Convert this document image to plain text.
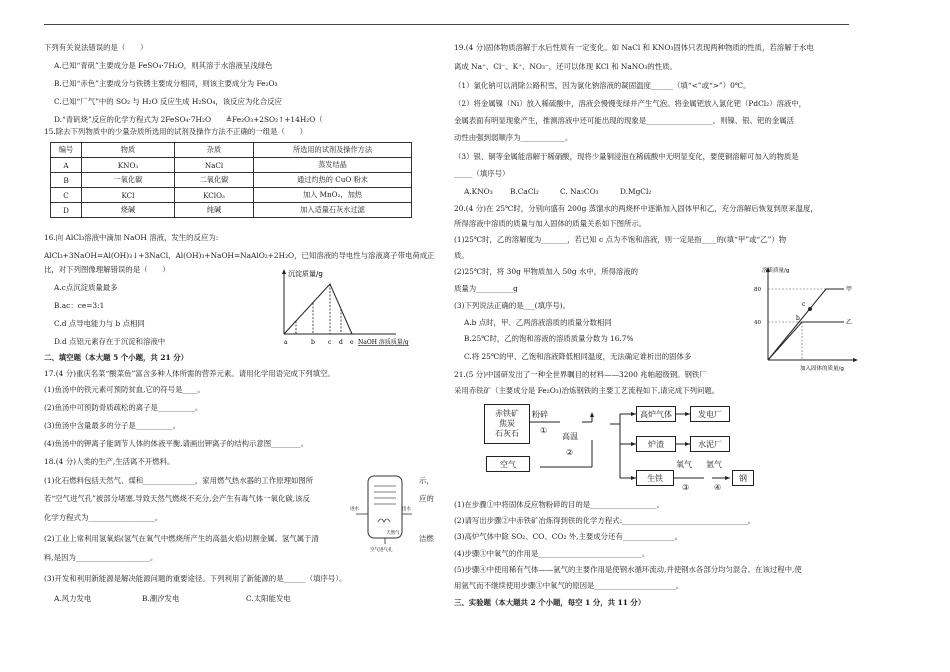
下列有关说法错误的是（　　）
A.已知“青矾”主要成分是 FeSO₄·7H₂O，则其溶于水溶液呈浅绿色
B.已知“赤色”主要成分与铁锈主要成分相同，则该主要成分为 Fe₂O₃
C.已知“厂气”中的 SO₂ 与 H₂O 反应生成 H₂SO₄，该反应为化合反应
D.“青矾烧”反应的化学方程式为 2FeSO₄·7H₂O　　≜Fe₂O₃+2SO₂↑+14H₂O（
15.除去下列物质中的少量杂质所选用的试剂及操作方法不正确的一组是（　　）
编号	物质	杂质	所选用的试剂及操作方法
A	KNO₃	NaCl	蒸发结晶
B	一氧化碳	二氧化碳	通过灼热的 CuO 粉末
C	KCl	KClO₃	加入 MnO₂，加热
D	烧碱	纯碱	加入适量石灰水过滤
16.向 AlCl₃溶液中滴加 NaOH 溶液，发生的反应为:
AlCl₃+3NaOH=Al(OH)₃↓+3NaCl、Al(OH)₃+NaOH=NaAlO₂+2H₂O，已知溶液的导电性与溶液离子带电荷成正
比，对下列图像理解错误的是（　　）
A.c点沉淀质量最多
B.ac：ce=3:1
C.d 点导电能力与 b 点相同
D.d 点铝元素存在于沉淀和溶液中
沉淀质量/g
a	b c d e NaOH 溶质质量/g
二、填空题（本大题 5 个小题，共 21 分）
17.(4 分)重庆名菜“酸菜鱼”富含多种人体所需的营养元素。请用化学用语完成下列填空。
(1)鱼汤中的铁元素可预防贫血,它的符号是____。
(2)鱼汤中可预防骨质疏松的离子是__________。
(3)鱼汤中含量最多的分子是__________。
(4)鱼汤中的钾离子能调节人体的体液平衡,请画出钾离子的结构示意图________。
18.(4 分)人类的生产,生活离不开燃料。
(1)化石燃料包括天然气、煤和______________，家用燃气热水器的工作原理如图所	示，
若“空气进气孔”被部分堵塞,导致天然气燃烧不充分,会产生有毒气体一氧化碳,该反	应的
化学方程式为__________________。
(2)工业上常利用氢氧焰(氢气在氧气中燃烧所产生的高温火焰)切割金属。氢气属于清	洁燃
料,是因为____________________。
(3)开发和利用新能源是解决能源问题的重要途径。下列利用了新能源的是______（填序号）。
A.风力发电	B.潮汐发电	C.太阳能发电
进水	出水
天然气
空气进气孔
19.(4 分)固体物质溶解于水后性质有一定变化。如 NaCl 和 KNO₃固体只表现两种物质的性质，若溶解于水电
离成 Na⁺、Cl⁻、K⁺、NO₃⁻，还可以体现 KCl 和 NaNO₃的性质。
（1）氯化钠可以消除公路积雪，因为氯化钠溶液的凝固温度______（填“<”或“>”）0℃。
（2）将金属镍（Ni）放入稀硫酸中，溶液会慢慢变绿并产生气泡。将金属钯放入氯化钯（PdCl₂）溶液中，
金属表面有明显现象产生，推测溶液中还可能出现的现象是__________________。则镍、银、钯的金属活
动性由强到弱顺序为____________。
（3）银、铜等金属能溶解于稀硝酸，现将少量铜浸泡在稀硫酸中无明显变化，要使铜溶解可加入的物质是
_____（填序号）
A.KNO₃ B.CaCl₂	C. Na₂CO₃	D.MgCl₂
20.(4 分)在 25℃时，分别向盛有 200g 蒸馏水的两烧杯中逐渐加入固体甲和乙，充分溶解后恢复到原来温度，
所得溶液中溶质的质量与加入固体的质量关系如下图所示。
(1)25℃时，乙的溶解度为_______，若已知 c 点为不饱和溶液，则一定是指____的(填“甲”或“乙”）物
质。
(2)25℃时，将 30g 甲物质加入 50g 水中，所得溶液的
质量为__________g
(3)下列说法正确的是___(填序号)。
A.b 点时，甲、乙两溶液溶质的质量分数相同
B.25℃时，乙的饱和溶液的溶质质量分数为 16.7%
C.将 25℃的甲、乙饱和溶液降低相同温度，无法确定谁析出的固体多
溶质质量/g
加入固体的质量/g
80
40
c
b
甲
乙
21.(5 分)中国研发出了一种全世界瞩目的材料——3200 兆帕超级钢。钢铁厂
采用赤铁矿（主要成分是 Fe₂O₃)冶炼钢铁的主要工艺流程如下,请完成下列问题。
赤铁矿
焦炭
石灰石
粉碎
①
高温
②
高炉气体	发电厂
炉渣	水泥厂
空气
生铁
氧气
③
氩气
④
钢
(1)在步骤①中将固体反应物粉碎的目的是__________________。
(2)请写出步骤②中赤铁矿冶炼得到铁的化学方程式:__________________________________。
(3)高炉气体中除 SO₂、CO、CO₂ 外,主要成分还有______________。
(4)步骤③中氧气的作用是____________________________。
(5)步骤④中使用稀有气体——氩气的主要作用是使钢水循环流动,并使钢水各部分均匀混合。在该过程中,使
用氩气而不继续使用步骤③中氧气的原因是______________________。
三、实验题（本大题共 2 个小题，每空 1 分，共 11 分）
